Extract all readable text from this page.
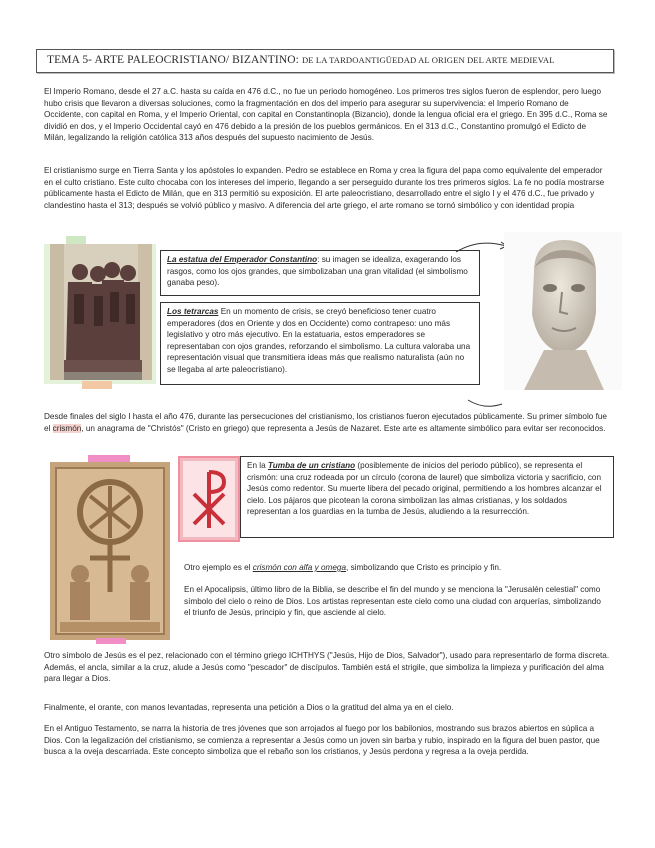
TEMA 5- ARTE PALEOCRISTIANO/ BIZANTINO: DE LA TARDOANTIGÜEDAD AL ORIGEN DEL ARTE MEDIEVAL

El Imperio Romano, desde el 27 a.C. hasta su caída en 476 d.C., no fue un periodo homogéneo. Los primeros tres siglos fueron de esplendor, pero luego hubo crisis que llevaron a diversas soluciones, como la fragmentación en dos del imperio para asegurar su supervivencia: el Imperio Romano de Occidente, con capital en Roma, y el Imperio Oriental, con capital en Constantinopla (Bizancio), donde la lengua oficial era el griego. En 395 d.C., Roma se dividió en dos, y el Imperio Occidental cayó en 476 debido a la presión de los pueblos germánicos. En el 313 d.C., Constantino promulgó el Edicto de Milán, legalizando la religión católica 313 años después del supuesto nacimiento de Jesús.

El cristianismo surge en Tierra Santa y los apóstoles lo expanden. Pedro se establece en Roma y crea la figura del papa como equivalente del emperador en el culto cristiano. Este culto chocaba con los intereses del imperio, llegando a ser perseguido durante los tres primeros siglos. La fe no podía mostrarse públicamente hasta el Edicto de Milán, que en 313 permitió su exposición. El arte paleocristiano, desarrollado entre el siglo I y el 476 d.C., fue privado y clandestino hasta el 313; después se volvió público y masivo. A diferencia del arte griego, el arte romano se tornó simbólico y con identidad propia

La estatua del Emperador Constantino: su imagen se idealiza, exagerando los rasgos, como los ojos grandes, que simbolizaban una gran vitalidad (el simbolismo ganaba peso).

Los tetrarcas En un momento de crisis, se creyó beneficioso tener cuatro emperadores (dos en Oriente y dos en Occidente) como contrapeso: uno más legislativo y otro más ejecutivo. En la estatuaria, estos emperadores se representaban con ojos grandes, reforzando el simbolismo. La cultura valoraba una representación visual que transmitiera ideas más que realismo naturalista (aún no se llegaba al arte paleocristiano).

Desde finales del siglo I hasta el año 476, durante las persecuciones del cristianismo, los cristianos fueron ejecutados públicamente. Su primer símbolo fue el crismón, un anagrama de "Christós" (Cristo en griego) que representa a Jesús de Nazaret. Este arte es altamente simbólico para evitar ser reconocidos.

En la Tumba de un cristiano (posiblemente de inicios del periodo público), se representa el crismón: una cruz rodeada por un círculo (corona de laurel) que simboliza victoria y sacrificio, con Jesús como redentor. Su muerte libera del pecado original, permitiendo a los hombres alcanzar el cielo. Los pájaros que picotean la corona simbolizan las almas cristianas, y los soldados representan a los guardias en la tumba de Jesús, aludiendo a la resurrección.

Otro ejemplo es el crismón con alfa y omega, simbolizando que Cristo es principio y fin.

En el Apocalipsis, último libro de la Biblia, se describe el fin del mundo y se menciona la "Jerusalén celestial" como símbolo del cielo o reino de Dios. Los artistas representan este cielo como una ciudad con arquerías, simbolizando el triunfo de Jesús, principio y fin, que asciende al cielo.

Otro símbolo de Jesús es el pez, relacionado con el término griego ICHTHYS ("Jesús, Hijo de Dios, Salvador"), usado para representarlo de forma discreta. Además, el ancla, similar a la cruz, alude a Jesús como "pescador" de discípulos. También está el strigile, que simboliza la limpieza y purificación del alma para llegar a Dios.

Finalmente, el orante, con manos levantadas, representa una petición a Dios o la gratitud del alma ya en el cielo.

En el Antiguo Testamento, se narra la historia de tres jóvenes que son arrojados al fuego por los babilonios, mostrando sus brazos abiertos en súplica a Dios. Con la legalización del cristianismo, se comienza a representar a Jesús como un joven sin barba y rubio, inspirado en la figura del buen pastor, que busca a la oveja descarriada. Este concepto simboliza que el rebaño son los cristianos, y Jesús perdona y regresa a la oveja perdida.
